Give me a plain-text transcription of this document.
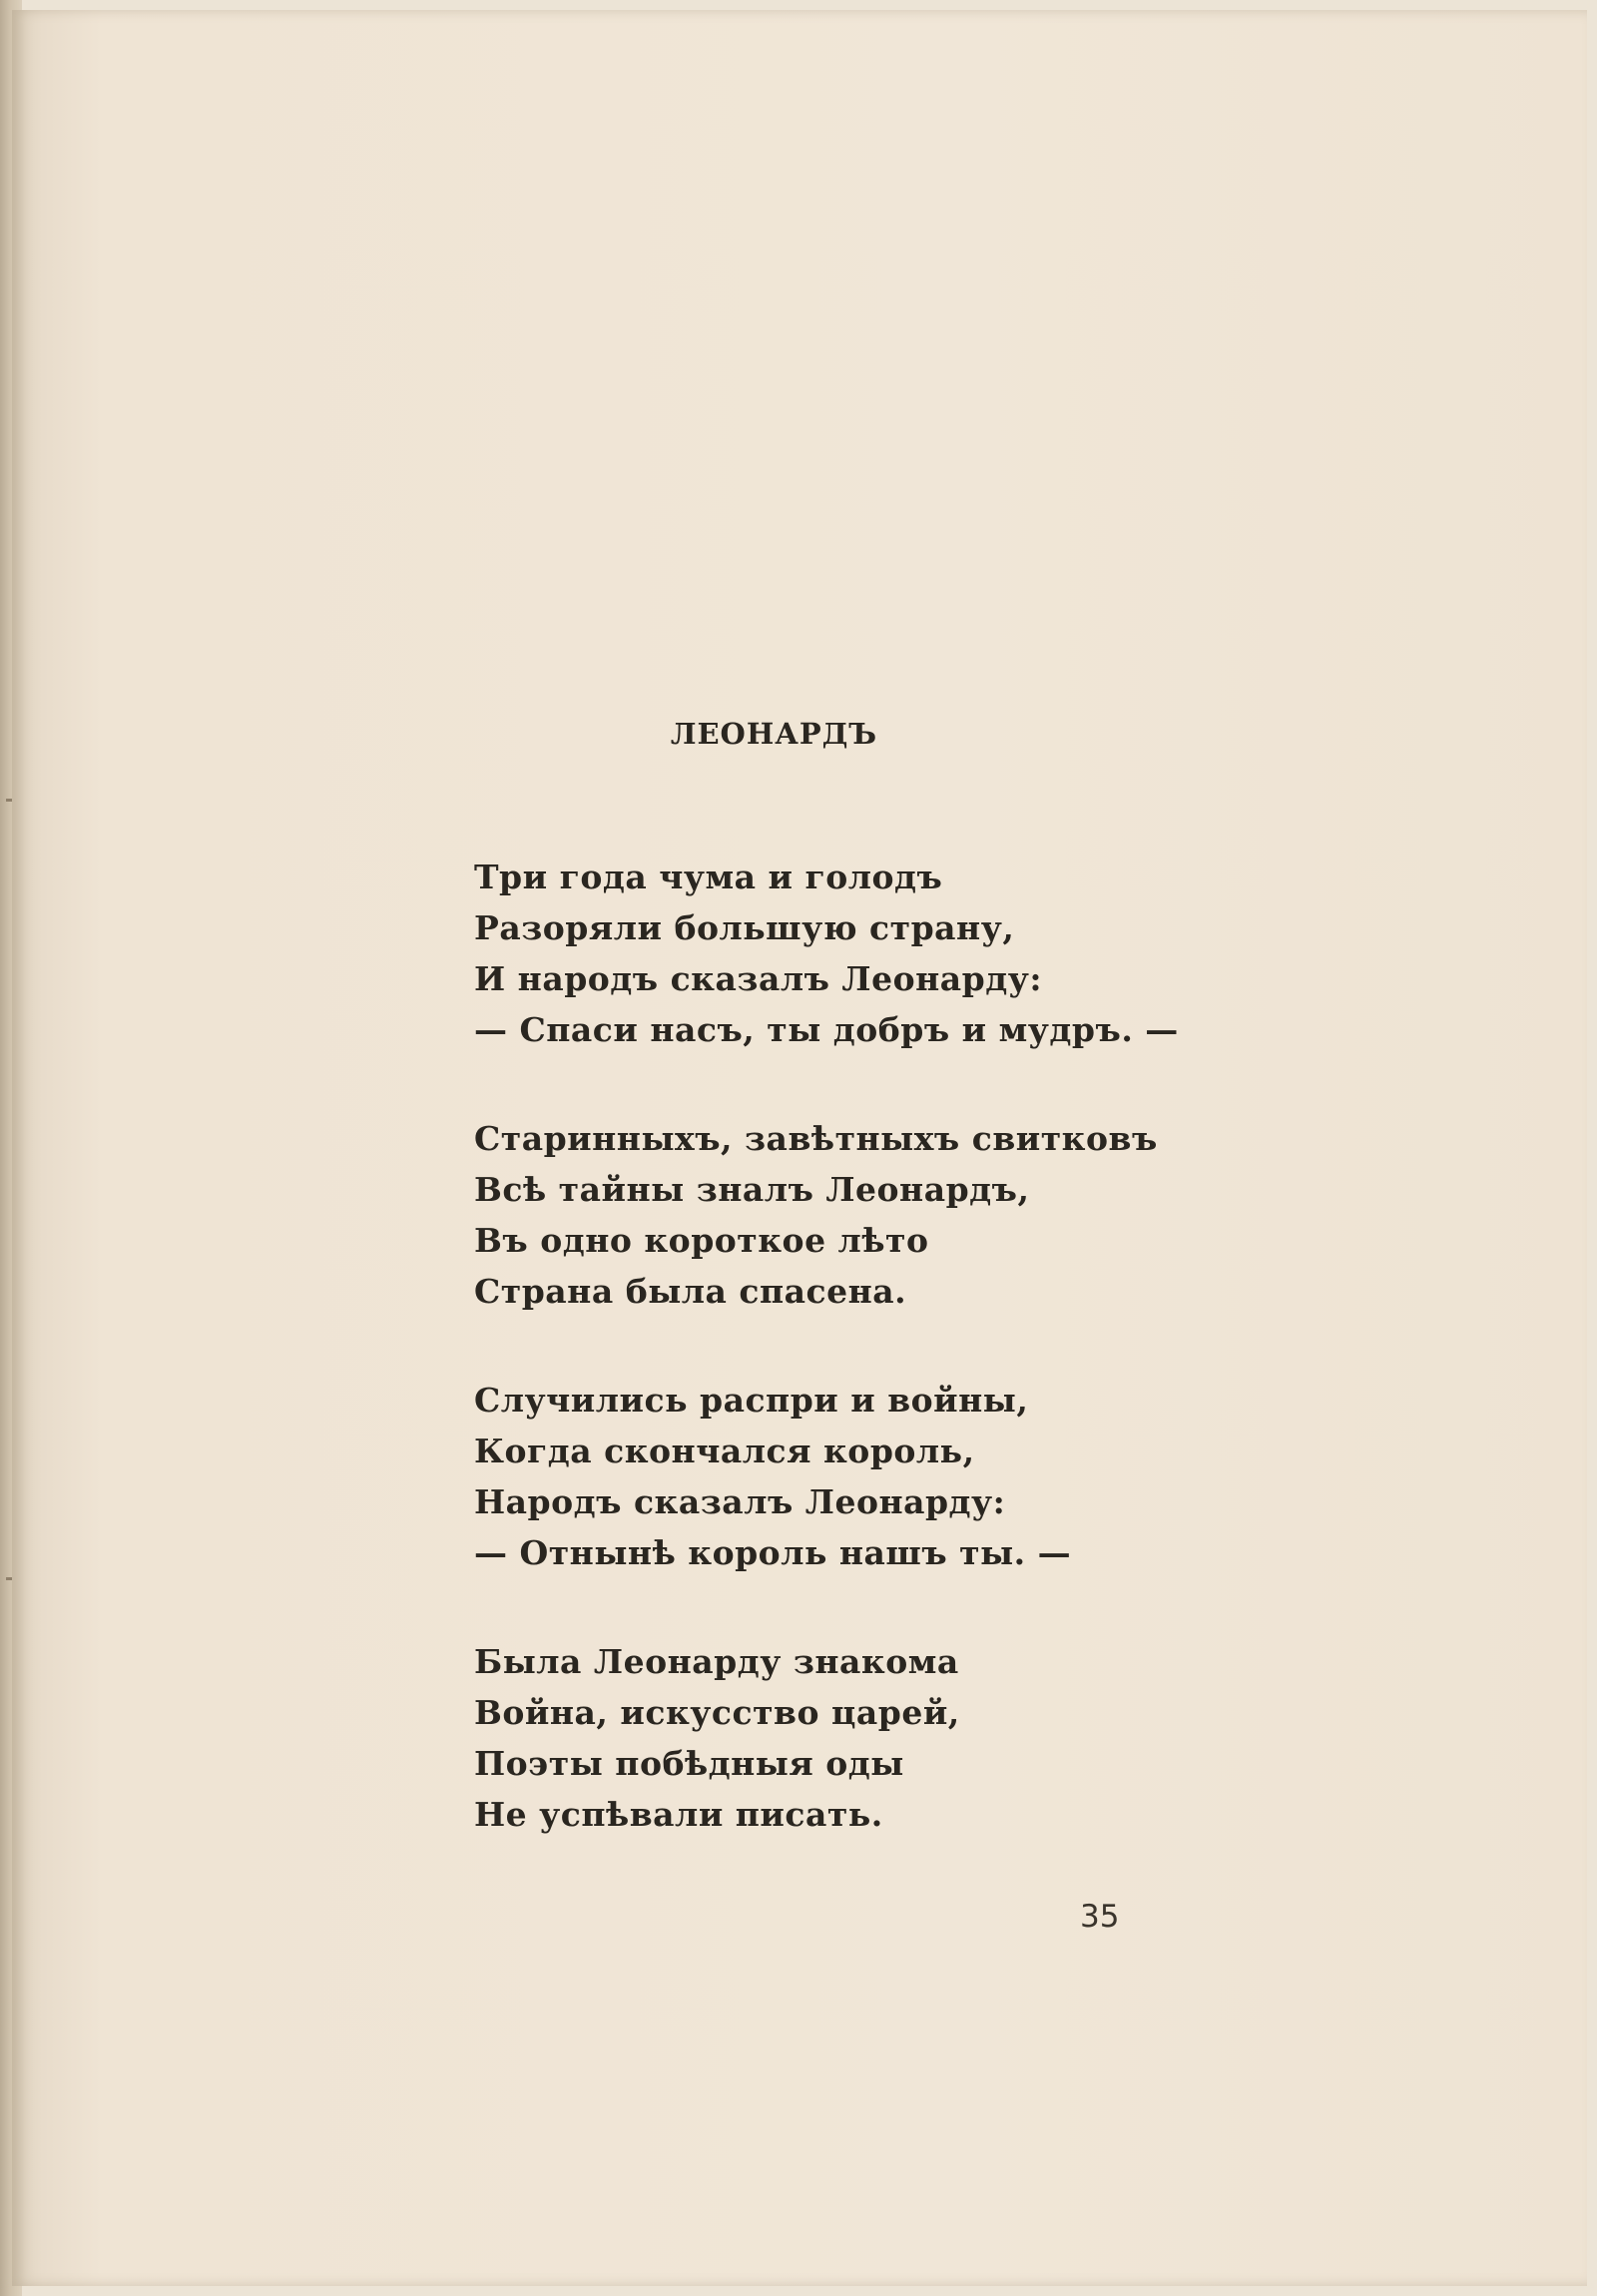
ЛЕОНАРДЪ
Три года чума и голодъ
Разоряли большую страну,
И народъ сказалъ Леонарду:
— Спаси насъ, ты добръ и мудръ. —
Старинныхъ, завѣтныхъ свитковъ
Всѣ тайны зналъ Леонардъ,
Въ одно короткое лѣто
Страна была спасена.
Случились распри и войны,
Когда скончался король,
Народъ сказалъ Леонарду:
— Отнынѣ король нашъ ты. —
Была Леонарду знакома
Война, искусство царей,
Поэты побѣдныя оды
Не успѣвали писать.
35
